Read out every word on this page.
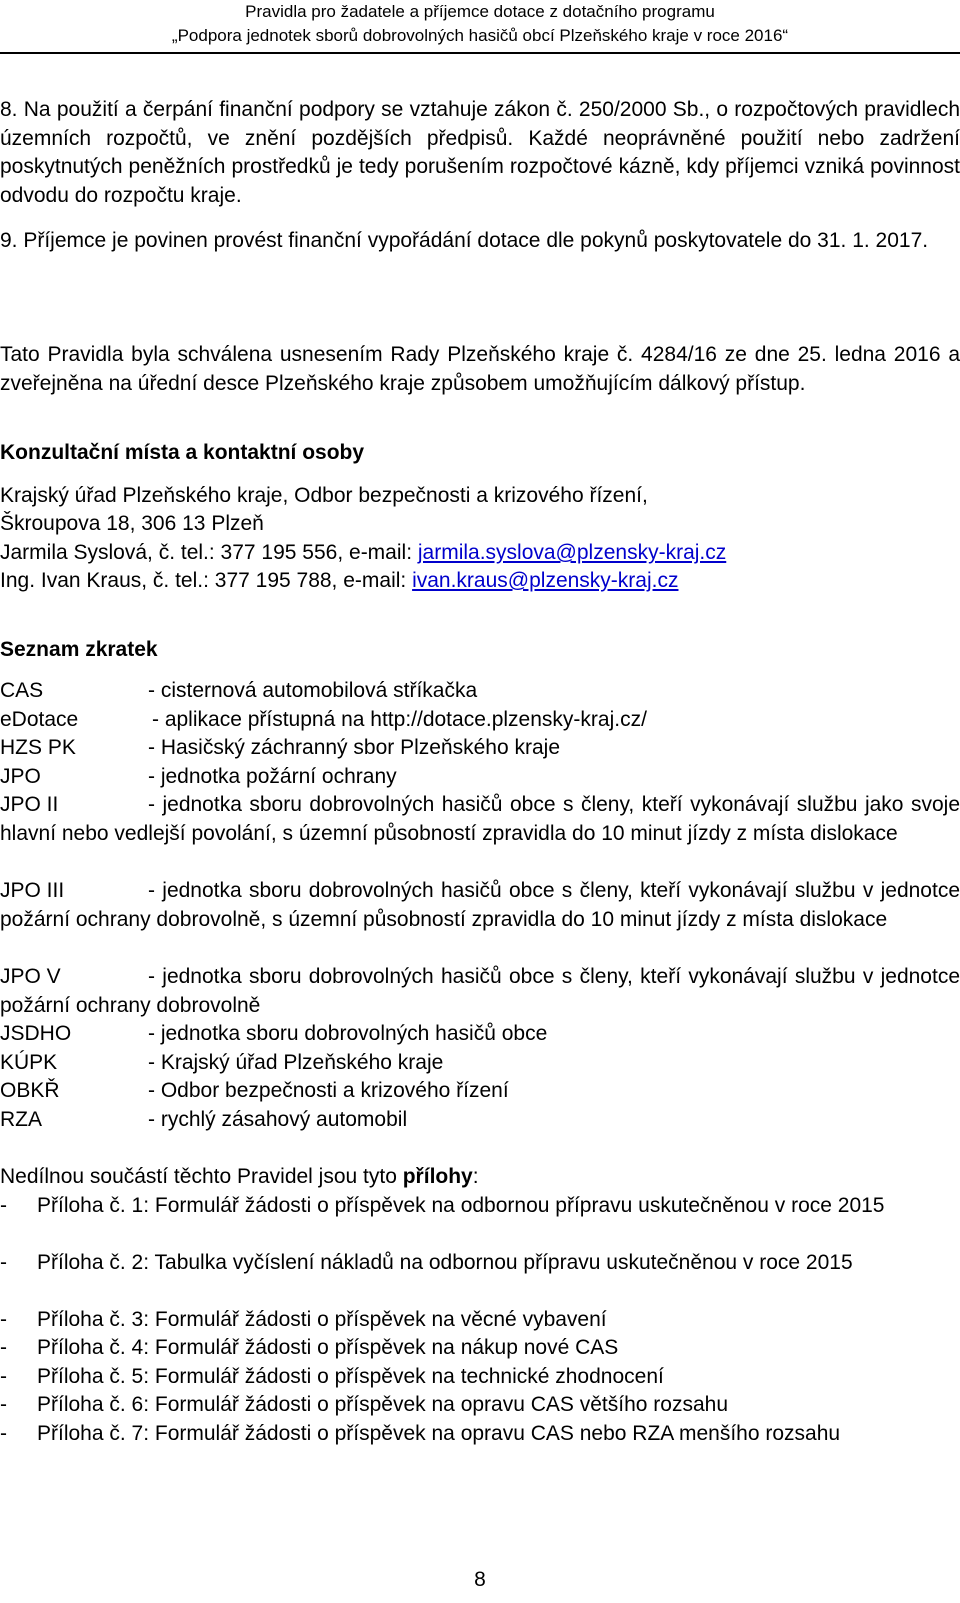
Pravidla pro žadatele a příjemce dotace z dotačního programu
„Podpora jednotek sborů dobrovolných hasičů obcí Plzeňského kraje v roce 2016“

8. Na použití a čerpání finanční podpory se vztahuje zákon č. 250/2000 Sb., o rozpočtových pravidlech územních rozpočtů, ve znění pozdějších předpisů. Každé neoprávněné použití nebo zadržení poskytnutých peněžních prostředků je tedy porušením rozpočtové kázně, kdy příjemci vzniká povinnost odvodu do rozpočtu kraje.

9. Příjemce je povinen provést finanční vypořádání dotace dle pokynů poskytovatele do 31. 1. 2017.

Tato Pravidla byla schválena usnesením Rady Plzeňského kraje č. 4284/16 ze dne 25. ledna 2016 a zveřejněna na úřední desce Plzeňského kraje způsobem umožňujícím dálkový přístup.

Konzultační místa a kontaktní osoby
Krajský úřad Plzeňského kraje, Odbor bezpečnosti a krizového řízení,
Škroupova 18, 306 13 Plzeň
Jarmila Syslová, č. tel.: 377 195 556, e-mail: jarmila.syslova@plzensky-kraj.cz
Ing. Ivan Kraus, č. tel.: 377 195 788, e-mail: ivan.kraus@plzensky-kraj.cz
Seznam zkratek
CAS	- cisternová automobilová stříkačka
eDotace	- aplikace přístupná na http://dotace.plzensky-kraj.cz/
HZS PK	- Hasičský záchranný sbor Plzeňského kraje
JPO	- jednotka požární ochrany
JPO II	- jednotka sboru dobrovolných hasičů obce s členy, kteří vykonávají službu jako svoje hlavní nebo vedlejší povolání, s územní působností zpravidla do 10 minut jízdy z místa dislokace
JPO III	- jednotka sboru dobrovolných hasičů obce s členy, kteří vykonávají službu v jednotce požární ochrany dobrovolně, s územní působností zpravidla do 10 minut jízdy z místa dislokace
JPO V	- jednotka sboru dobrovolných hasičů obce s členy, kteří vykonávají službu v jednotce požární ochrany dobrovolně
JSDHO	- jednotka sboru dobrovolných hasičů obce
KÚPK	- Krajský úřad Plzeňského kraje
OBKŘ	- Odbor bezpečnosti a krizového řízení
RZA	- rychlý zásahový automobil
Nedílnou součástí těchto Pravidel jsou tyto přílohy:
- Příloha č. 1: Formulář žádosti o příspěvek na odbornou přípravu uskutečněnou v roce 2015
- Příloha č. 2: Tabulka vyčíslení nákladů na odbornou přípravu uskutečněnou v roce 2015
- Příloha č. 3: Formulář žádosti o příspěvek na věcné vybavení
- Příloha č. 4: Formulář žádosti o příspěvek na nákup nové CAS
- Příloha č. 5: Formulář žádosti o příspěvek na technické zhodnocení
- Příloha č. 6: Formulář žádosti o příspěvek na opravu CAS většího rozsahu
- Příloha č. 7: Formulář žádosti o příspěvek na opravu CAS nebo RZA menšího rozsahu
8
